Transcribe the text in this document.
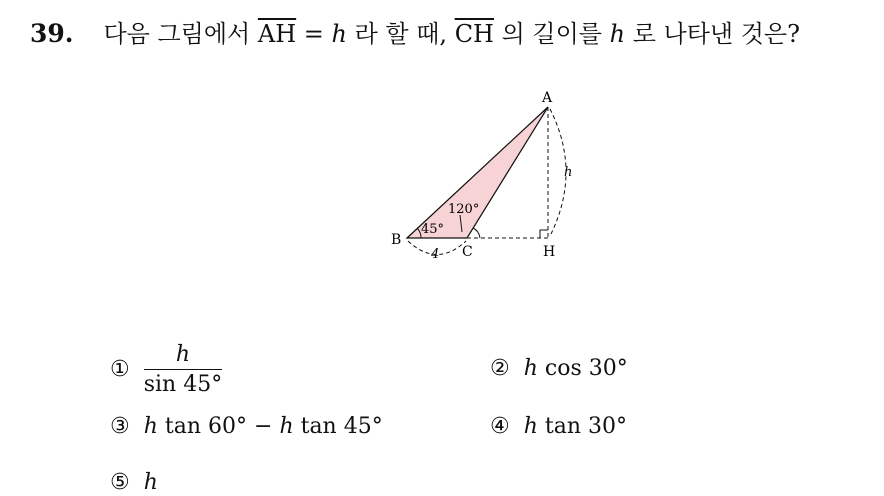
39. 다음 그림에서 $\overline{AH} = h$ 라 할 때, $\overline{CH}$ 의 길이를 h 로 나타낸 것은?
A
B
C	H
45°
120°
4
h
① $\frac{h}{\sin 45^\circ}$	② h cos 30°
③ h tan 60° − h tan 45°	④ h tan 30°
⑤ h
